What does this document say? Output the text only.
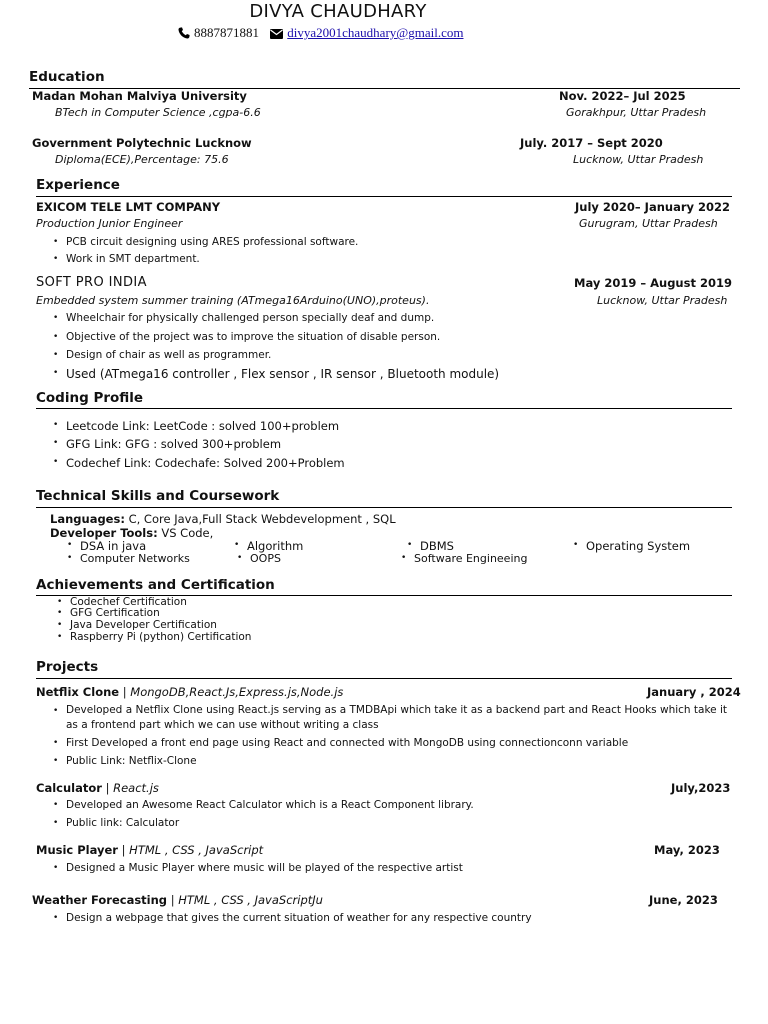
DIVYA CHAUDHARY
8887871881 divya2001chaudhary@gmail.com
Education
Madan Mohan Malviya University	Nov. 2022– Jul 2025
BTech in Computer Science ,cgpa-6.6	Gorakhpur, Uttar Pradesh
Government Polytechnic Lucknow	July. 2017 – Sept 2020
Diploma(ECE),Percentage: 75.6	Lucknow, Uttar Pradesh
Experience
EXICOM TELE LMT COMPANY	July 2020– January 2022
Production Junior Engineer	Gurugram, Uttar Pradesh
• PCB circuit designing using ARES professional software.
• Work in SMT department.
SOFT PRO INDIA	May 2019 – August 2019
Embedded system summer training (ATmega16Arduino(UNO),proteus).	Lucknow, Uttar Pradesh
• Wheelchair for physically challenged person specially deaf and dump.
• Objective of the project was to improve the situation of disable person.
• Design of chair as well as programmer.
• Used (ATmega16 controller , Flex sensor , IR sensor , Bluetooth module)
Coding Profile
• Leetcode Link: LeetCode : solved 100+problem
• GFG Link: GFG : solved 300+problem
• Codechef Link: Codechafe: Solved 200+Problem
Technical Skills and Coursework
Languages: C, Core Java,Full Stack Webdevelopment , SQL
Developer Tools: VS Code,
• DSA in java	• Algorithm	• DBMS	• Operating System
• Computer Networks	• OOPS	• Software Engineeing
Achievements and Certification
• Codechef Certification
• GFG Certification
• Java Developer Certification
• Raspberry Pi (python) Certification
Projects
Netflix Clone | MongoDB,React.Js,Express.js,Node.js	January , 2024
• Developed a Netflix Clone using React.js serving as a TMDBApi which take it as a backend part and React Hooks which take it as a frontend part which we can use without writing a class
• First Developed a front end page using React and connected with MongoDB using connectionconn variable
• Public Link: Netflix-Clone
Calculator | React.js	July,2023
• Developed an Awesome React Calculator which is a React Component library.
• Public link: Calculator
Music Player | HTML , CSS , JavaScript	May, 2023
• Designed a Music Player where music will be played of the respective artist
Weather Forecasting | HTML , CSS , JavaScriptJu	June, 2023
• Design a webpage that gives the current situation of weather for any respective country
